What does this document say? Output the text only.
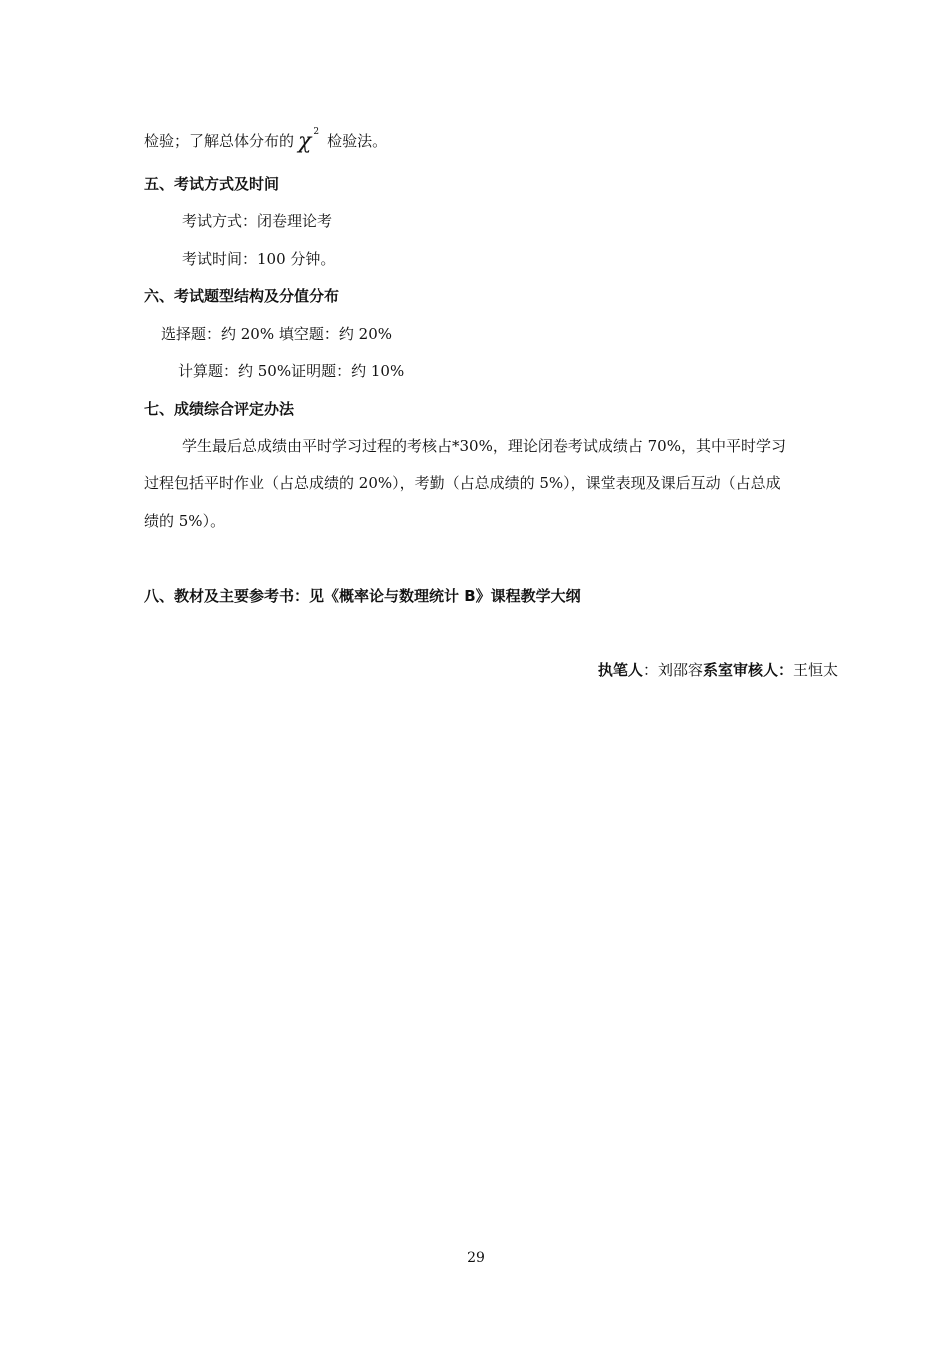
检验；了解总体分布的 χ $^2$ 检验法。
五、考试方式及时间
考试方式：闭卷理论考
考试时间：100 分钟。
六、考试题型结构及分值分布
选择题：约 20% 填空题：约 20%
计算题：约 50%证明题：约 10%
七、成绩综合评定办法
学生最后总成绩由平时学习过程的考核占*30%，理论闭卷考试成绩占 70%，其中平时学习
过程包括平时作业（占总成绩的 20%），考勤（占总成绩的 5%），课堂表现及课后互动（占总成
绩的 5%）。
八、教材及主要参考书：见《概率论与数理统计 B》课程教学大纲
执笔人：刘邵容系室审核人：王恒太
29
